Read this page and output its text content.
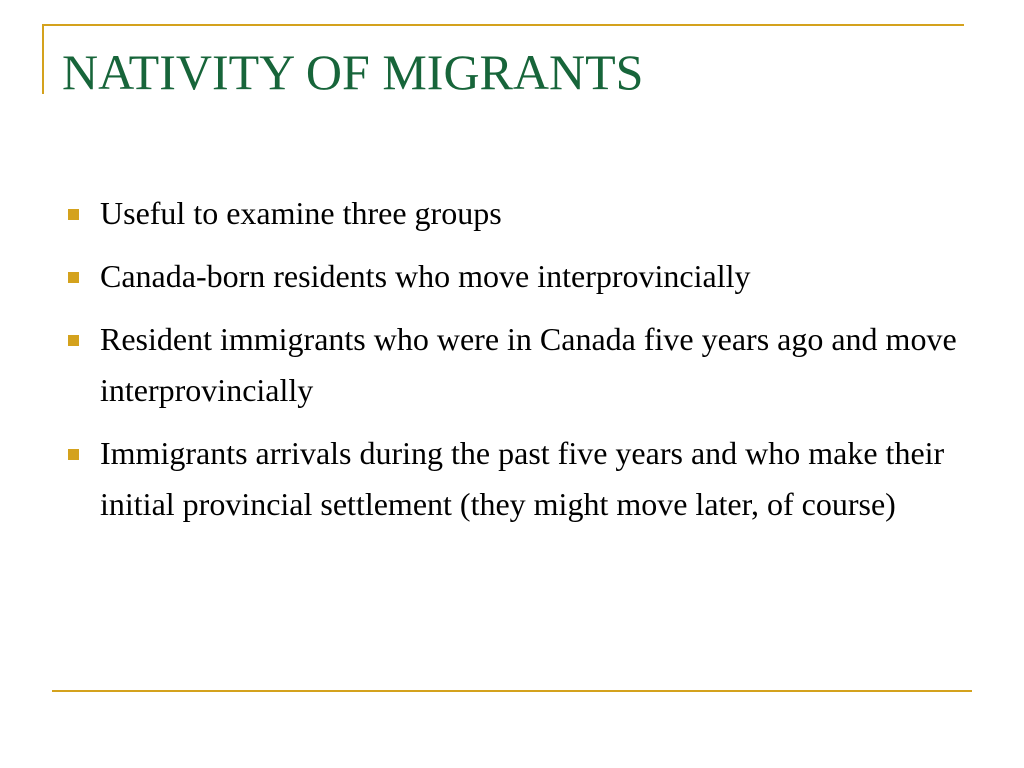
NATIVITY OF MIGRANTS
Useful to examine three groups
Canada-born residents who move interprovincially
Resident immigrants who were in Canada five years ago and move interprovincially
Immigrants arrivals during the past five years and who make their initial provincial settlement (they might move later, of course)
